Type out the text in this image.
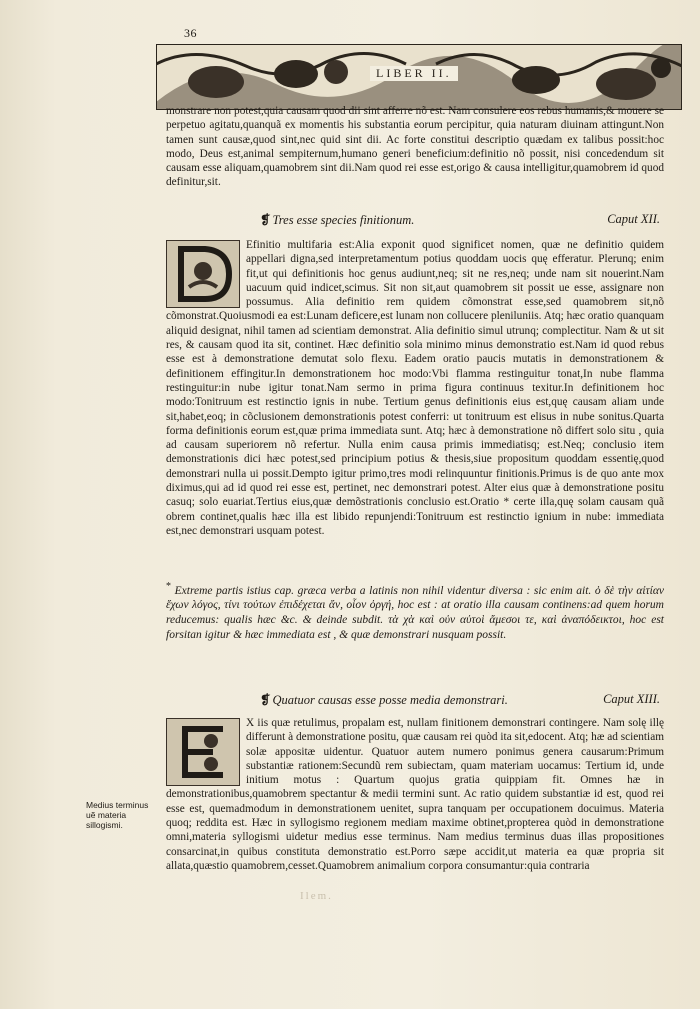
36
LIBER II.

monstrare non potest,quia causam quod dii sint afferre nõ est. Nam consulere eos rebus humanis,& mouere se perpetuo agitatu,quanquã ex momentis his substantia eorum percipitur, quia naturam diuinam attingunt.Non tamen sunt causæ,quod sint,nec quid sint dii. Ac forte constitui descriptio quædam ex talibus possit:hoc modo, Deus est,animal sempiternum,humano generi beneficium:definitio nõ possit, nisi concedendum sit causam esse aliquam,quamobrem sint dii.Nam quod rei esse est,origo & causa intelligitur,quamobrem id quod definitur,sit.

❡ Tres esse species finitionum.	Caput XII.

Efinitio multifaria est:Alia exponit quod significet nomen, quæ ne definitio quidem appellari digna,sed interpretamentum potius quoddam uocis quę efferatur. Plerunq; enim fit,ut qui definitionis hoc genus audiunt,neq; sit ne res,neq; unde nam sit nouerint.Nam uacuum quid indicet,scimus. Sit non sit,aut quamobrem sit possit ue esse, assignare non possumus. Alia definitio rem quidem cõmonstrat esse,sed quamobrem sit,nõ cõmonstrat.Quoiusmodi ea est:Lunam deficere,est lunam non collucere pleniluniis. Atq; hæc oratio quanquam aliquid designat, nihil tamen ad scientiam demonstrat. Alia definitio simul utrunq; complectitur. Nam & ut sit res, & causam quod ita sit, continet. Hæc definitio sola minimo minus demonstratio est.Nam id quod rebus esse est à demonstratione demutat solo flexu. Eadem oratio paucis mutatis in demonstrationem & definitionem effingitur.In demonstrationem hoc modo:Vbi flamma restinguitur tonat,In nube flamma restinguitur:in nube igitur tonat.Nam sermo in prima figura continuus texitur.In definitionem hoc modo:Tonitruum est restinctio ignis in nube. Tertium genus definitionis eius est,quę causam aliam unde sit,habet,eoq; in cõclusionem demonstrationis potest conferri: ut tonitruum est elisus in nube sonitus.Quarta forma definitionis eorum est,quæ prima immediata sunt. Atq; hæc à demonstratione nõ differt solo situ , quia ad causam superiorem nõ refertur. Nulla enim causa primis immediatisq; est.Neq; conclusio item demonstrationis dici hæc potest,sed principium potius & thesis,siue propositum quoddam essentię,quod demonstrari nulla ui possit.Dempto igitur primo,tres modi relinquuntur finitionis.Primus is de quo ante mox diximus,qui ad id quod rei esse est, pertinet, nec demonstrari potest. Alter eius quæ à demonstratione positu casuq; solo euariat.Tertius eius,quæ demõstrationis conclusio est.Oratio * certe illa,quę solam causam quã obrem continet,qualis hæc illa est libido repunjendi:Tonitruum est restinctio ignium in nube: immediata est,nec demonstrari usquam potest.

* Extreme partis istius cap. græca verba a latinis non nihil videntur diversa : sic enim ait. ὁ δὲ τὴν αἰτίαν ἔχων λόγος, τίνι τούτων ἐπιδέχεται ἄν, οἷον ὀργή, hoc est : at oratio illa causam continens:ad quem horum reducemus: qualis hæc &c. & deinde subdit. τὰ χὰ καὶ οὐν αὐτοὶ ἄμεσοι τε, καὶ ἀναπόδεικτοι, hoc est forsitan igitur & hæc immediata est , & quæ demonstrari nusquam possit.
❡ Quatuor causas esse posse media demonstrari.	Caput XIII.

X iis quæ retulimus, propalam est, nullam finitionem demonstrari contingere. Nam solę illę differunt à demonstratione positu, quæ causam rei quòd ita sit,edocent. Atq; hæ ad scientiam solæ appositæ uidentur. Quatuor autem numero ponimus genera causarum:Primum substantiæ rationem:Secundũ rem subiectam, quam materiam uocamus: Tertium id, unde initium motus : Quartum quojus gratia quippiam fit. Omnes hæ in demonstrationibus,quamobrem spectantur & medii termini sunt. Ac ratio quidem substantiæ id est, quod rei esse est, quemadmodum in demonstrationem uenitet, supra tanquam per occupationem docuimus. Materia quoq; reddita est. Hæc in syllogismo regionem mediam maxime obtinet,propterea quòd in demonstratione omni,materia syllogismi uidetur medius esse terminus. Nam medius terminus duas illas propositiones consarcinat,in quibus constituta demonstratio est.Porro sæpe accidit,ut materia ea quæ propria sit allata,quæstio quamobrem,cesset.Quamobrem animalium corpora consumantur:quia contraria

Medius terminus uẽ materia sillogismi.
Ilem.
